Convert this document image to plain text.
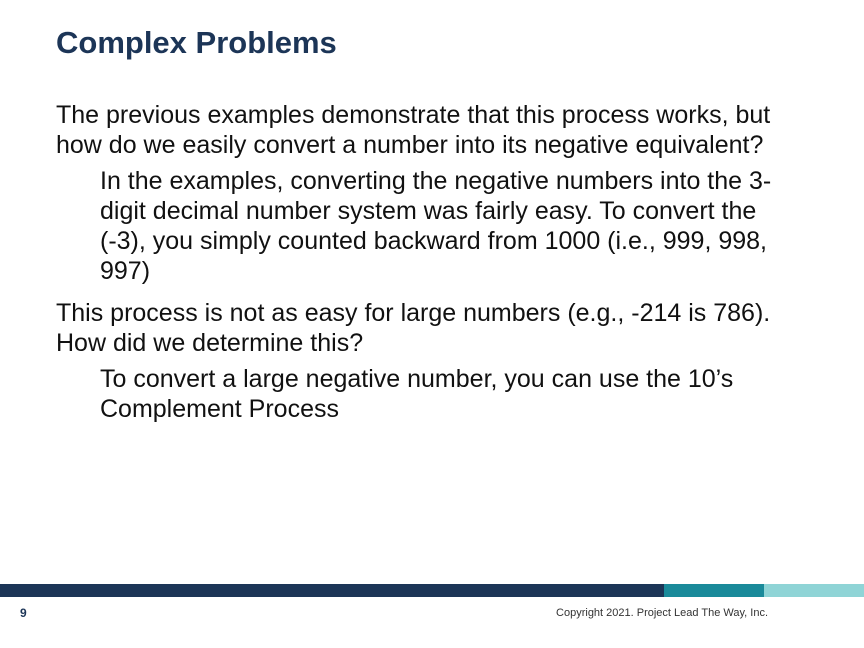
Complex Problems

The previous examples demonstrate that this process works, but how do we easily convert a number into its negative equivalent?

In the examples, converting the negative numbers into the 3-digit decimal number system was fairly easy. To convert the (-3), you simply counted backward from 1000 (i.e., 999, 998, 997)

This process is not as easy for large numbers (e.g., -214 is 786). How did we determine this?

To convert a large negative number, you can use the 10’s Complement Process

9	Copyright 2021. Project Lead The Way, Inc.
